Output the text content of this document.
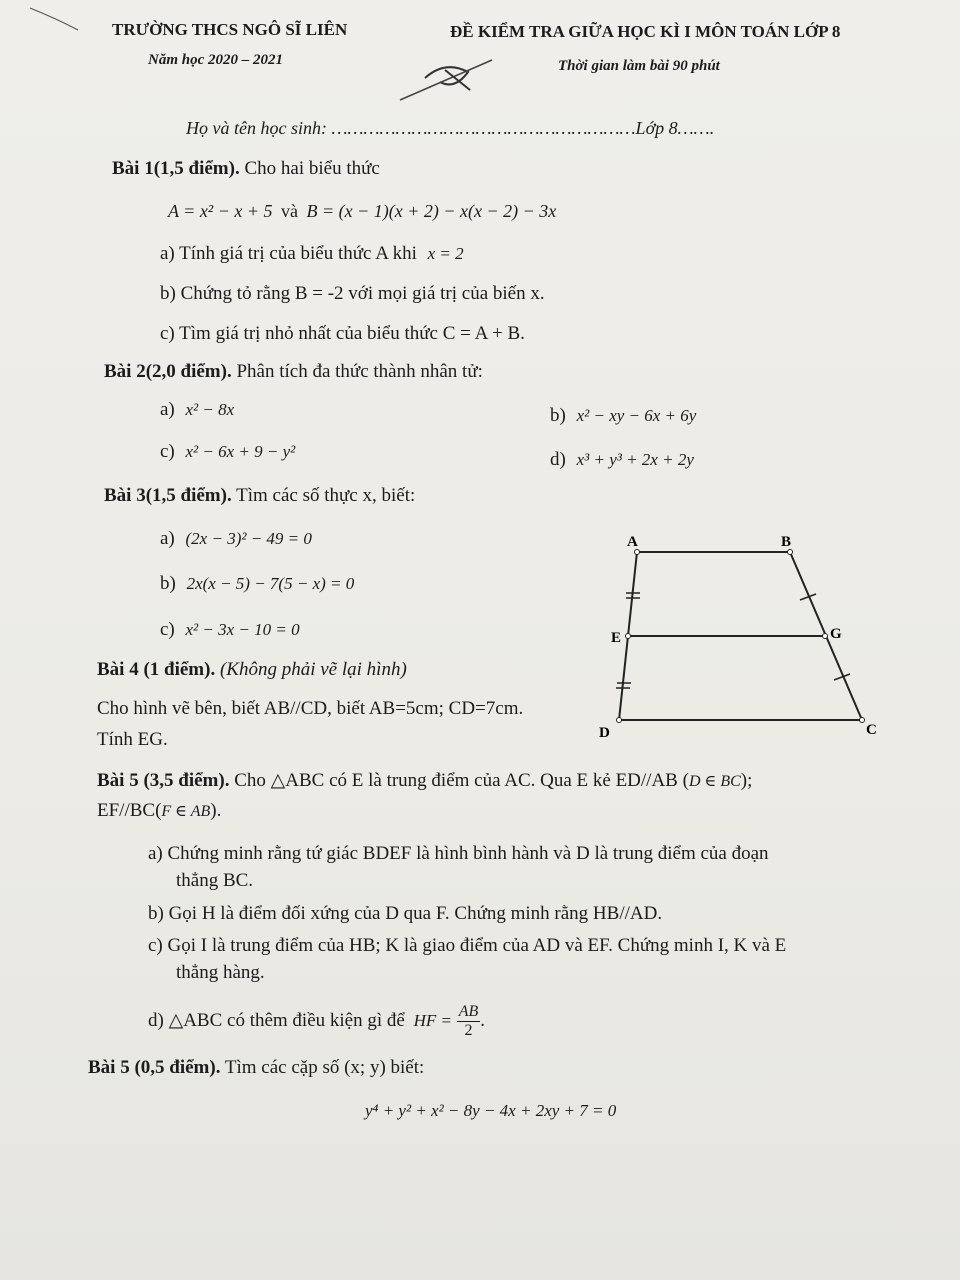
TRƯỜNG THCS NGÔ SĨ LIÊN
Năm học 2020 – 2021
ĐỀ KIỂM TRA GIỮA HỌC KÌ I MÔN TOÁN LỚP 8
Thời gian làm bài 90 phút
Họ và tên học sinh: …………………………………………………Lớp 8…….
Bài 1(1,5 điểm). Cho hai biểu thức
A = x² − x + 5 và B = (x − 1)(x + 2) − x(x − 2) − 3x
a) Tính giá trị của biểu thức A khi x = 2
b) Chứng tỏ rằng B = -2 với mọi giá trị của biến x.
c) Tìm giá trị nhỏ nhất của biểu thức C = A + B.
Bài 2(2,0 điểm). Phân tích đa thức thành nhân tử:
a) x² − 8x	b) x² − xy − 6x + 6y
c) x² − 6x + 9 − y²	d) x³ + y³ + 2x + 2y
Bài 3(1,5 điểm). Tìm các số thực x, biết:
a) (2x − 3)² − 49 = 0
b) 2x(x − 5) − 7(5 − x) = 0
c) x² − 3x − 10 = 0
A	B
E	G
D	C
Bài 4 (1 điểm). (Không phải vẽ lại hình)
Cho hình vẽ bên, biết AB//CD, biết AB=5cm; CD=7cm.
Tính EG.
Bài 5 (3,5 điểm). Cho △ABC có E là trung điểm của AC. Qua E kẻ ED//AB (D ∈ BC);
EF//BC(F ∈ AB).
a) Chứng minh rằng tứ giác BDEF là hình bình hành và D là trung điểm của đoạn
thẳng BC.
b) Gọi H là điểm đối xứng của D qua F. Chứng minh rằng HB//AD.
c) Gọi I là trung điểm của HB; K là giao điểm của AD và EF. Chứng minh I, K và E
thẳng hàng.
d) △ABC có thêm điều kiện gì để HF = $\frac{AB}{2}$ .
Bài 5 (0,5 điểm). Tìm các cặp số (x; y) biết:
y⁴ + y² + x² − 8y − 4x + 2xy + 7 = 0
